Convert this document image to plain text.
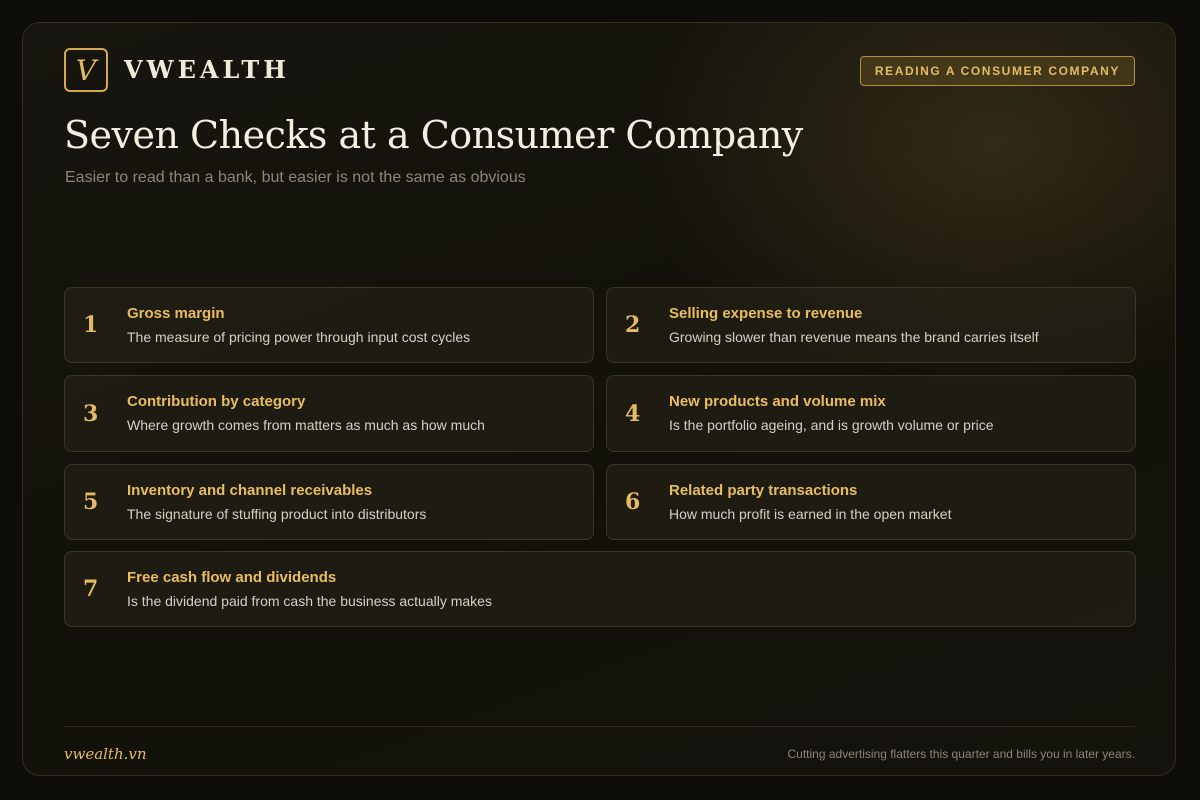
V VWEALTH	READING A CONSUMER COMPANY
Seven Checks at a Consumer Company
Easier to read than a bank, but easier is not the same as obvious
1 Gross margin
The measure of pricing power through input cost cycles	2 Selling expense to revenue
Growing slower than revenue means the brand carries itself
3 Contribution by category
Where growth comes from matters as much as how much	4 New products and volume mix
Is the portfolio ageing, and is growth volume or price
5 Inventory and channel receivables
The signature of stuffing product into distributors	6 Related party transactions
How much profit is earned in the open market
7 Free cash flow and dividends
Is the dividend paid from cash the business actually makes
vwealth.vn	Cutting advertising flatters this quarter and bills you in later years.
